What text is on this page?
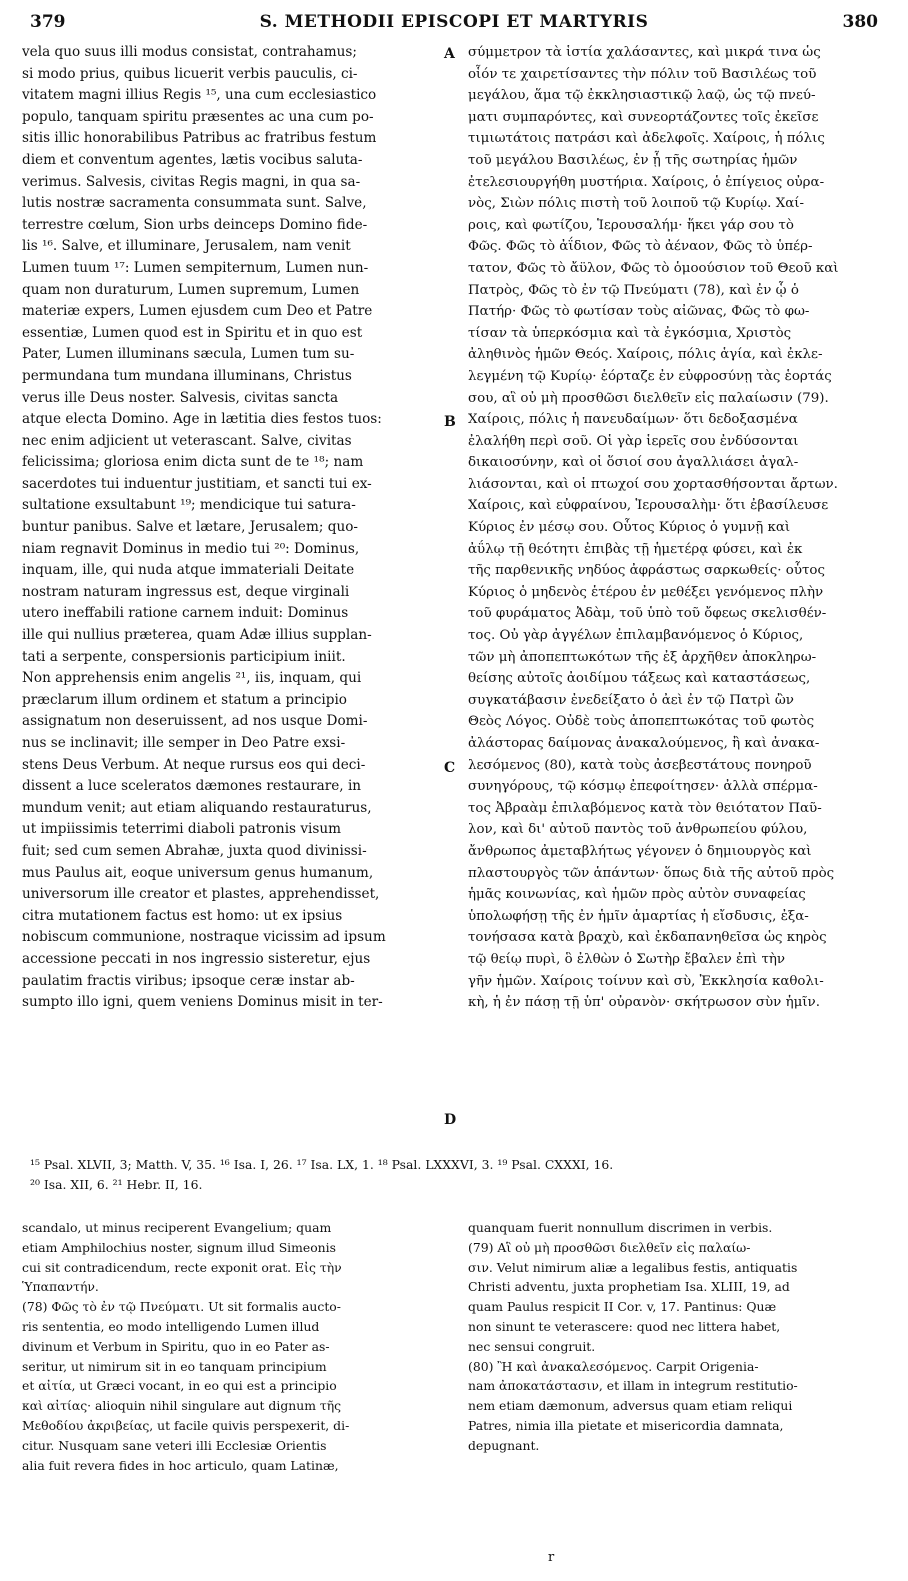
379	S. METHODII EPISCOPI ET MARTYRIS	380
vela quo suus illi modus consistat, contrahamus;
si modo prius, quibus licuerit verbis pauculis, ci-
vitatem magni illius Regis ¹⁵, una cum ecclesiastico
populo, tanquam spiritu præsentes ac una cum po-
sitis illic honorabilibus Patribus ac fratribus festum
diem et conventum agentes, lætis vocibus saluta-
verimus. Salvesis, civitas Regis magni, in qua sa-
lutis nostræ sacramenta consummata sunt. Salve,
terrestre cœlum, Sion urbs deinceps Domino fide-
lis ¹⁶. Salve, et illuminare, Jerusalem, nam venit
Lumen tuum ¹⁷: Lumen sempiternum, Lumen nun-
quam non duraturum, Lumen supremum, Lumen
materiæ expers, Lumen ejusdem cum Deo et Patre
essentiæ, Lumen quod est in Spiritu et in quo est
Pater, Lumen illuminans sæcula, Lumen tum su-
permundana tum mundana illuminans, Christus
verus ille Deus noster. Salvesis, civitas sancta
atque electa Domino. Age in lætitia dies festos tuos:
nec enim adjicient ut veterascant. Salve, civitas
felicissima; gloriosa enim dicta sunt de te ¹⁸; nam
sacerdotes tui induentur justitiam, et sancti tui ex-
sultatione exsultabunt ¹⁹; mendicique tui saturа-
buntur panibus. Salve et lætare, Jerusalem; quo-
niam regnavit Dominus in medio tui ²⁰: Dominus,
inquam, ille, qui nuda atque immateriali Deitate
nostram naturam ingressus est, deque virginali
utero ineffabili ratione carnem induit: Dominus
ille qui nullius præterea, quam Adæ illius supplan-
tati a serpente, conspersionis participium iniit.
Non apprehensis enim angelis ²¹, iis, inquam, qui
præclarum illum ordinem et statum a principio
assignatum non deseruissent, ad nos usque Domi-
nus se inclinavit; ille semper in Deo Patre exsi-
stens Deus Verbum. At neque rursus eos qui deci-
dissent a luce sceleratos dæmones restaurare, in
mundum venit; aut etiam aliquando restauraturus,
ut impiissimis teterrimi diaboli patronis visum
fuit; sed cum semen Abrahæ, juxta quod divinissi-
mus Paulus ait, eoque universum genus humanum,
universorum ille creator et plastes, apprehendisset,
citra mutationem factus est homo: ut ex ipsius
nobiscum communione, nostraque vicissim ad ipsum
accessione peccati in nos ingressio sisteretur, ejus
paulatim fractis viribus; ipsoque ceræ instar ab-
sumpto illo igni, quem veniens Dominus misit in ter-
σύμμετρον τὰ ἱστία χαλάσαντες, καὶ μικρά τινα ὡς
οἷόν τε χαιρετίσαντες τὴν πόλιν τοῦ Βασιλέως τοῦ
μεγάλου, ἅμα τῷ ἐκκλησιαστικῷ λαῷ, ὡς τῷ πνεύ-
ματι συμπαρόντες, καὶ συνεορτάζοντες τοῖς ἐκεῖσε
τιμιωτάτοις πατράσι καὶ ἀδελφοῖς. Χαίροις, ἡ πόλις
τοῦ μεγάλου Βασιλέως, ἐν ᾗ τῆς σωτηρίας ἡμῶν
ἐτελεσιουργήθη μυστήρια. Χαίροις, ὁ ἐπίγειος οὐρα-
νὸς, Σιὼν πόλις πιστὴ τοῦ λοιποῦ τῷ Κυρίῳ. Χαί-
ροις, καὶ φωτίζου, Ἱερουσαλήμ· ἥκει γάρ σου τὸ
Φῶς. Φῶς τὸ ἀΐδιον, Φῶς τὸ ἀέναον, Φῶς τὸ ὑπέρ-
τατον, Φῶς τὸ ἄϋλον, Φῶς τὸ ὁμοούσιον τοῦ Θεοῦ καὶ
Πατρὸς, Φῶς τὸ ἐν τῷ Πνεύματι (78), καὶ ἐν ᾧ ὁ
Πατήρ· Φῶς τὸ φωτίσαν τοὺς αἰῶνας, Φῶς τὸ φω-
τίσαν τὰ ὑπερκόσμια καὶ τὰ ἐγκόσμια, Χριστὸς
ἀληθινὸς ἡμῶν Θεός. Χαίροις, πόλις ἁγία, καὶ ἐκλε-
λεγμένη τῷ Κυρίῳ· ἑόρταζε ἐν εὐφροσύνῃ τὰς ἑορτάς
σου, αἳ οὐ μὴ προσθῶσι διελθεῖν εἰς παλαίωσιν (79).
Χαίροις, πόλις ἡ πανευδαίμων· ὅτι δεδοξασμένα
ἐλαλήθη περὶ σοῦ. Οἱ γὰρ ἱερεῖς σου ἐνδύσονται
δικαιοσύνην, καὶ οἱ ὅσιοί σου ἀγαλλιάσει ἀγαλ-
λιάσονται, καὶ οἱ πτωχοί σου χορτασθήσονται ἄρτων.
Χαίροις, καὶ εὐφραίνου, Ἱερουσαλὴμ· ὅτι ἐβασίλευσε
Κύριος ἐν μέσῳ σου. Οὗτος Κύριος ὁ γυμνῇ καὶ
ἀΰλῳ τῇ θεότητι ἐπιβὰς τῇ ἡμετέρᾳ φύσει, καὶ ἐκ
τῆς παρθενικῆς νηδύος ἀφράστως σαρκωθείς· οὗτος
Κύριος ὁ μηδενὸς ἑτέρου ἐν μεθέξει γενόμενος πλὴν
τοῦ φυράματος Ἀδὰμ, τοῦ ὑπὸ τοῦ ὄφεως σκελισθέν-
τος. Οὐ γὰρ ἀγγέλων ἐπιλαμβανόμενος ὁ Κύριος,
τῶν μὴ ἀποπεπτωκότων τῆς ἐξ ἀρχῆθεν ἀποκληρω-
θείσης αὐτοῖς ἀοιδίμου τάξεως καὶ καταστάσεως,
συγκατάβασιν ἐνεδείξατο ὁ ἀεὶ ἐν τῷ Πατρὶ ὢν
Θεὸς Λόγος. Οὐδὲ τοὺς ἀποπεπτωκότας τοῦ φωτὸς
ἀλάστορας δαίμονας ἀνακαλούμενος, ἢ καὶ ἀνακα-
λεσόμενος (80), κατὰ τοὺς ἀσεβεστάτους πονηροῦ
συνηγόρους, τῷ κόσμῳ ἐπεφοίτησεν· ἀλλὰ σπέρμα-
τος Ἀβραὰμ ἐπιλαβόμενος κατὰ τὸν θειότατον Παῦ-
λον, καὶ δι' αὐτοῦ παντὸς τοῦ ἀνθρωπείου φύλου,
ἄνθρωπος ἀμεταβλήτως γέγονεν ὁ δημιουργὸς καὶ
πλαστουργὸς τῶν ἁπάντων· ὅπως διὰ τῆς αὐτοῦ πρὸς
ἡμᾶς κοινωνίας, καὶ ἡμῶν πρὸς αὐτὸν συναφείας
ὑπολωφήσῃ τῆς ἐν ἡμῖν ἁμαρτίας ἡ εἴσδυσις, ἐξα-
τονήσασα κατὰ βραχὺ, καὶ ἐκδαπανηθεῖσα ὡς κηρὸς
τῷ θείῳ πυρὶ, ὃ ἐλθὼν ὁ Σωτὴρ ἔβαλεν ἐπὶ τὴν
γῆν ἡμῶν. Χαίροις τοίνυν καὶ σὺ, Ἐκκλησία καθολι-
κὴ, ἡ ἐν πάσῃ τῇ ὑπ' οὐρανὸν· σκήτρωσον σὺν ἡμῖν.
A
B
C
D
¹⁵ Psal. XLVII, 3; Matth. V, 35. ¹⁶ Isa. I, 26. ¹⁷ Isa. LX, 1. ¹⁸ Psal. LXXXVI, 3. ¹⁹ Psal. CXXXI, 16.
²⁰ Isa. XII, 6. ²¹ Hebr. II, 16.
scandalo, ut minus reciperent Evangelium; quam
etiam Amphilochius noster, signum illud Simeonis
cui sit contradicendum, recte exponit orat. Εἰς τὴν
Ὑπαπαντήν.
(78) Φῶς τὸ ἐν τῷ Πνεύματι. Ut sit formalis aucto-
ris sententia, eo modo intelligendo Lumen illud
divinum et Verbum in Spiritu, quo in eo Pater as-
seritur, ut nimirum sit in eo tanquam principium
et αἰτία, ut Græci vocant, in eo qui est a principio
καὶ αἰτίας· alioquin nihil singulare aut dignum τῆς
Μεθοδίου ἀκριβείας, ut facile quivis perspexerit, di-
citur. Nusquam sane veteri illi Ecclesiæ Orientis
alia fuit revera fides in hoc articulo, quam Latinæ,
quanquam fuerit nonnullum discrimen in verbis.
(79) Αἳ οὐ μὴ προσθῶσι διελθεῖν εἰς παλαίω-
σιν. Velut nimirum aliæ a legalibus festis, antiquatis
Christi adventu, juxta prophetiam Isa. XLIII, 19, ad
quam Paulus respicit II Cor. v, 17. Pantinus: Quæ
non sinunt te veterascere: quod nec littera habet,
nec sensui congruit.
(80) Ἢ καὶ ἀνακαλεσόμενος. Carpit Origenia-
nam ἀποκατάστασιν, et illam in integrum restitutio-
nem etiam dæmonum, adversus quam etiam reliqui
Patres, nimia illa pietate et misericordia damnata,
depugnant.
r
